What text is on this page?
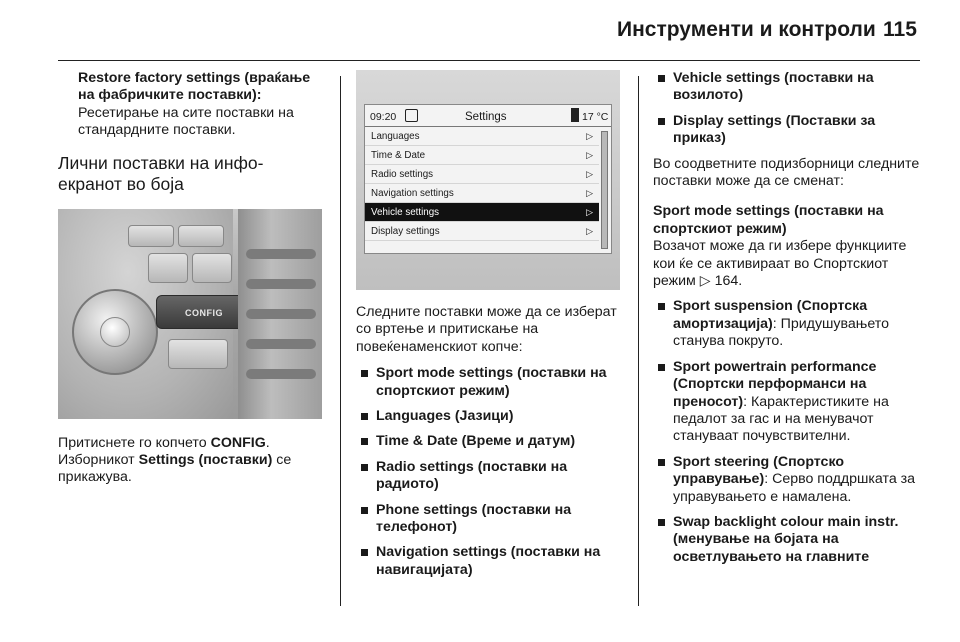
Инструменти и контроли 115
Restore factory settings (враќање на фабричките поставки):
Ресетирање на сите поставки на стандардните поставки.
Лични поставки на инфо-екранот во боја
CONFIG
Притиснете го копчето CONFIG. Изборникот Settings (поставки) се прикажува.
09:20	Settings	17 °C
Languages	▷
Time & Date	▷
Radio settings	▷
Navigation settings	▷
Vehicle settings	▷
Display settings	▷
Следните поставки може да се изберат со вртење и притискање на повеќенаменскиот копче:
Sport mode settings (поставки на спортскиот режим)
Languages (Јазици)
Time & Date (Време и датум)
Radio settings (поставки на радиото)
Phone settings (поставки на телефонот)
Navigation settings (поставки на навигацијата)
Vehicle settings (поставки на возилото)
Display settings (Поставки за приказ)
Во соодветните подизборници следните поставки може да се сменат:
Sport mode settings (поставки на спортскиот режим)
Возачот може да ги избере функциите кои ќе се активираат во Спортскиот режим ▷ 164.
Sport suspension (Спортска амортизација): Придушувањето станува покруто.
Sport powertrain performance (Спортски перформанси на преносот): Карактеристиките на педалот за гас и на менувачот стануваат почувствителни.
Sport steering (Спортско управување): Серво поддршката за управувањето е намалена.
Swap backlight colour main instr. (менување на бојата на осветлувањето на главните
